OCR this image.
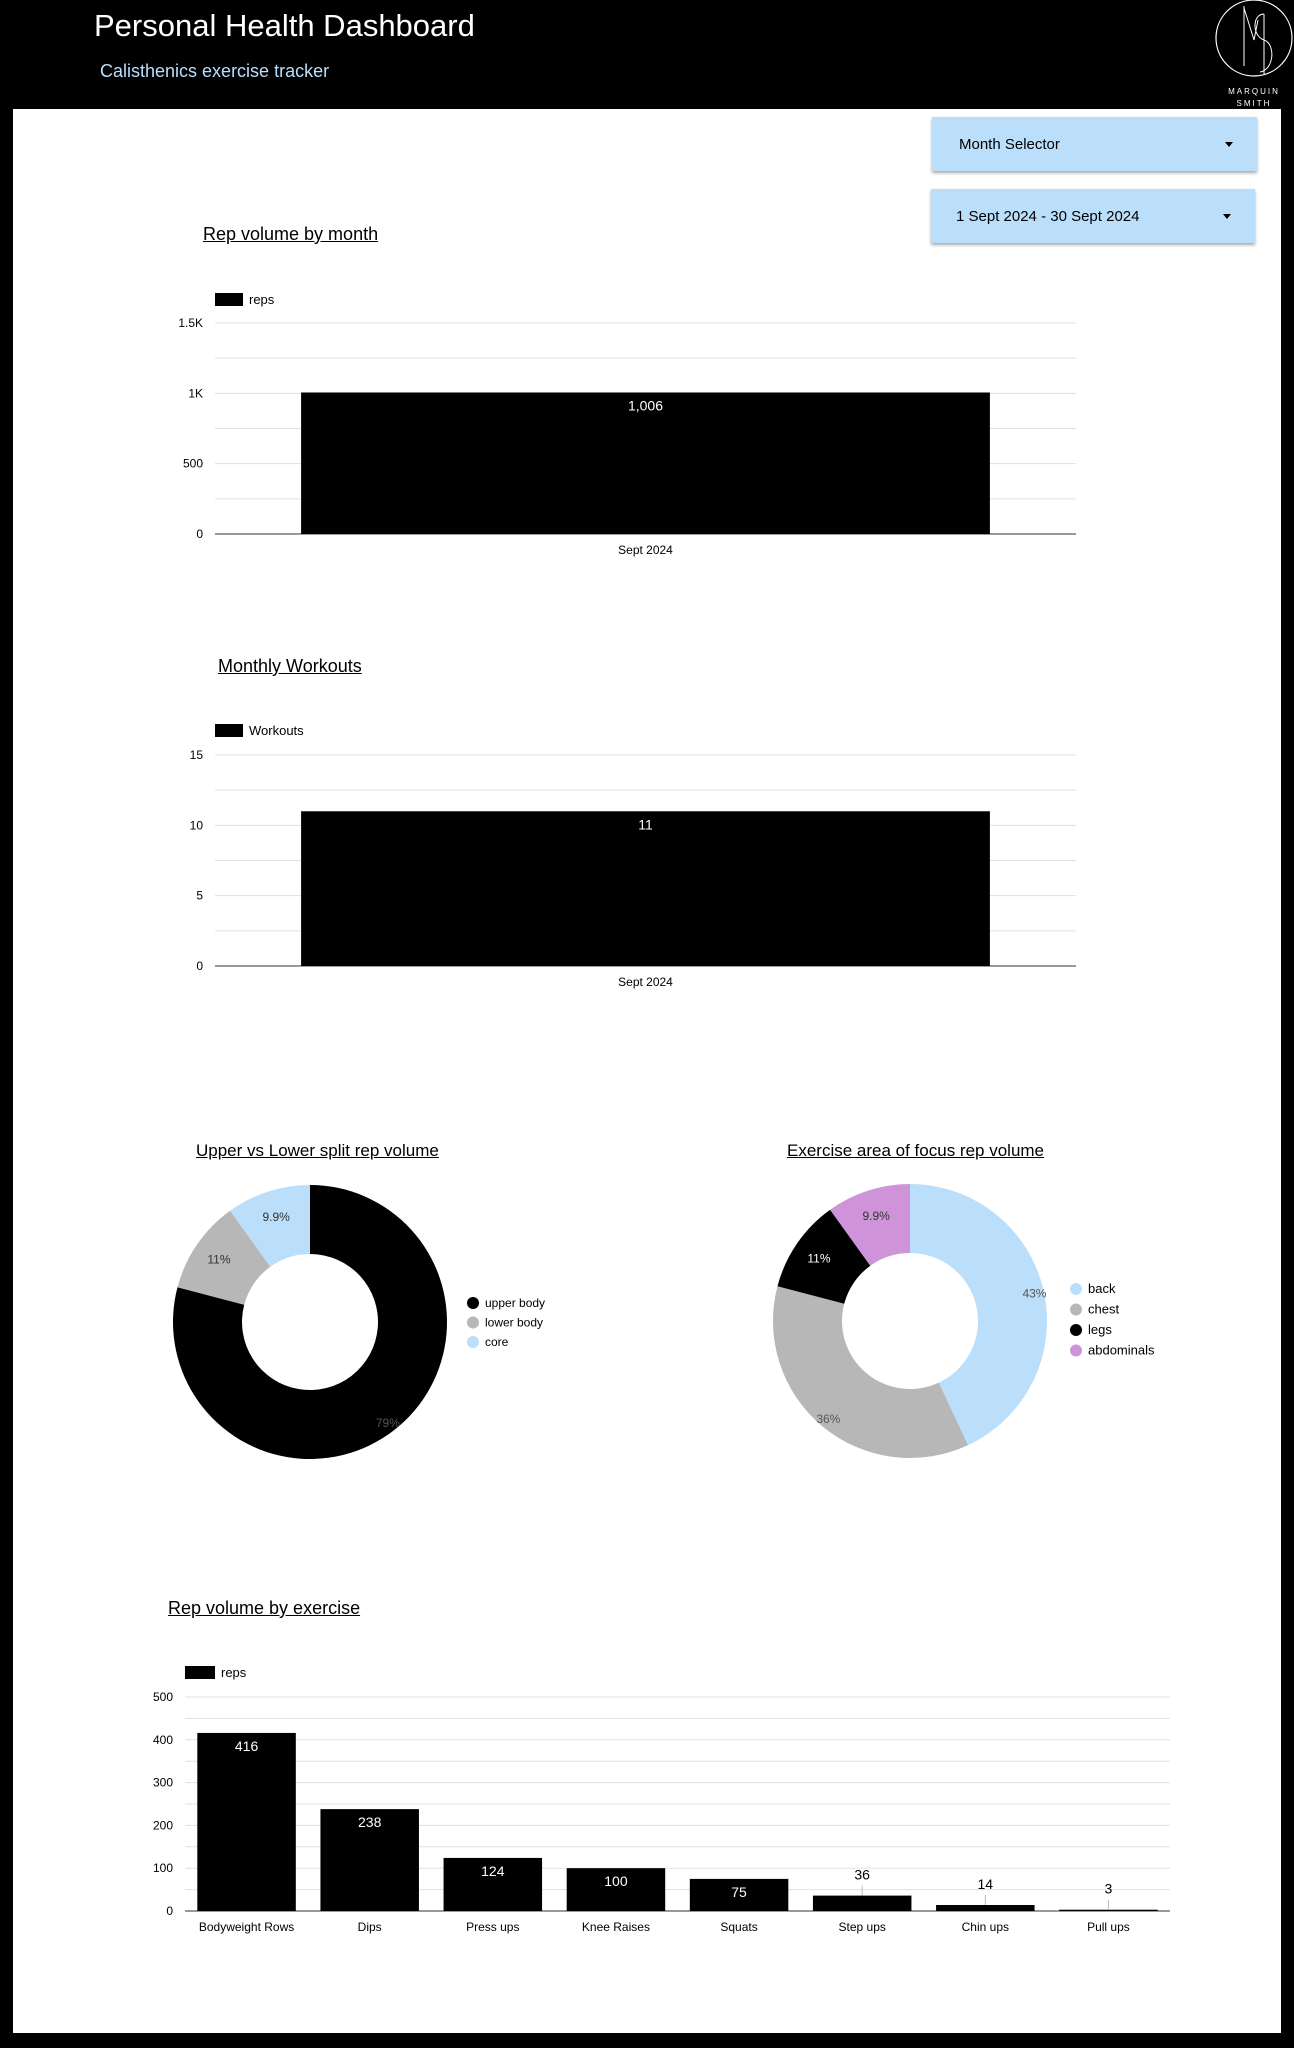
Personal Health Dashboard
Calisthenics exercise tracker
MARQUIN
SMITH
Month Selector
1 Sept 2024 - 30 Sept 2024
Rep volume by month
Monthly Workouts
Upper vs Lower split rep volume	Exercise area of focus rep volume
Rep volume by exercise
0
500
1K
1.5K
reps
1,006
Sept 2024
0
5
10
15
Workouts
11
Sept 2024
0
100
200
300
400
500
reps
416
Bodyweight Rows
238
Dips
124
Press ups
100
Knee Raises
75
Squats
36
Step ups
14
Chin ups
3
Pull ups
79%
upper body
11%
lower body
9.9%
core
43%	back
36%
chest
11%
legs
9.9%
abdominals
